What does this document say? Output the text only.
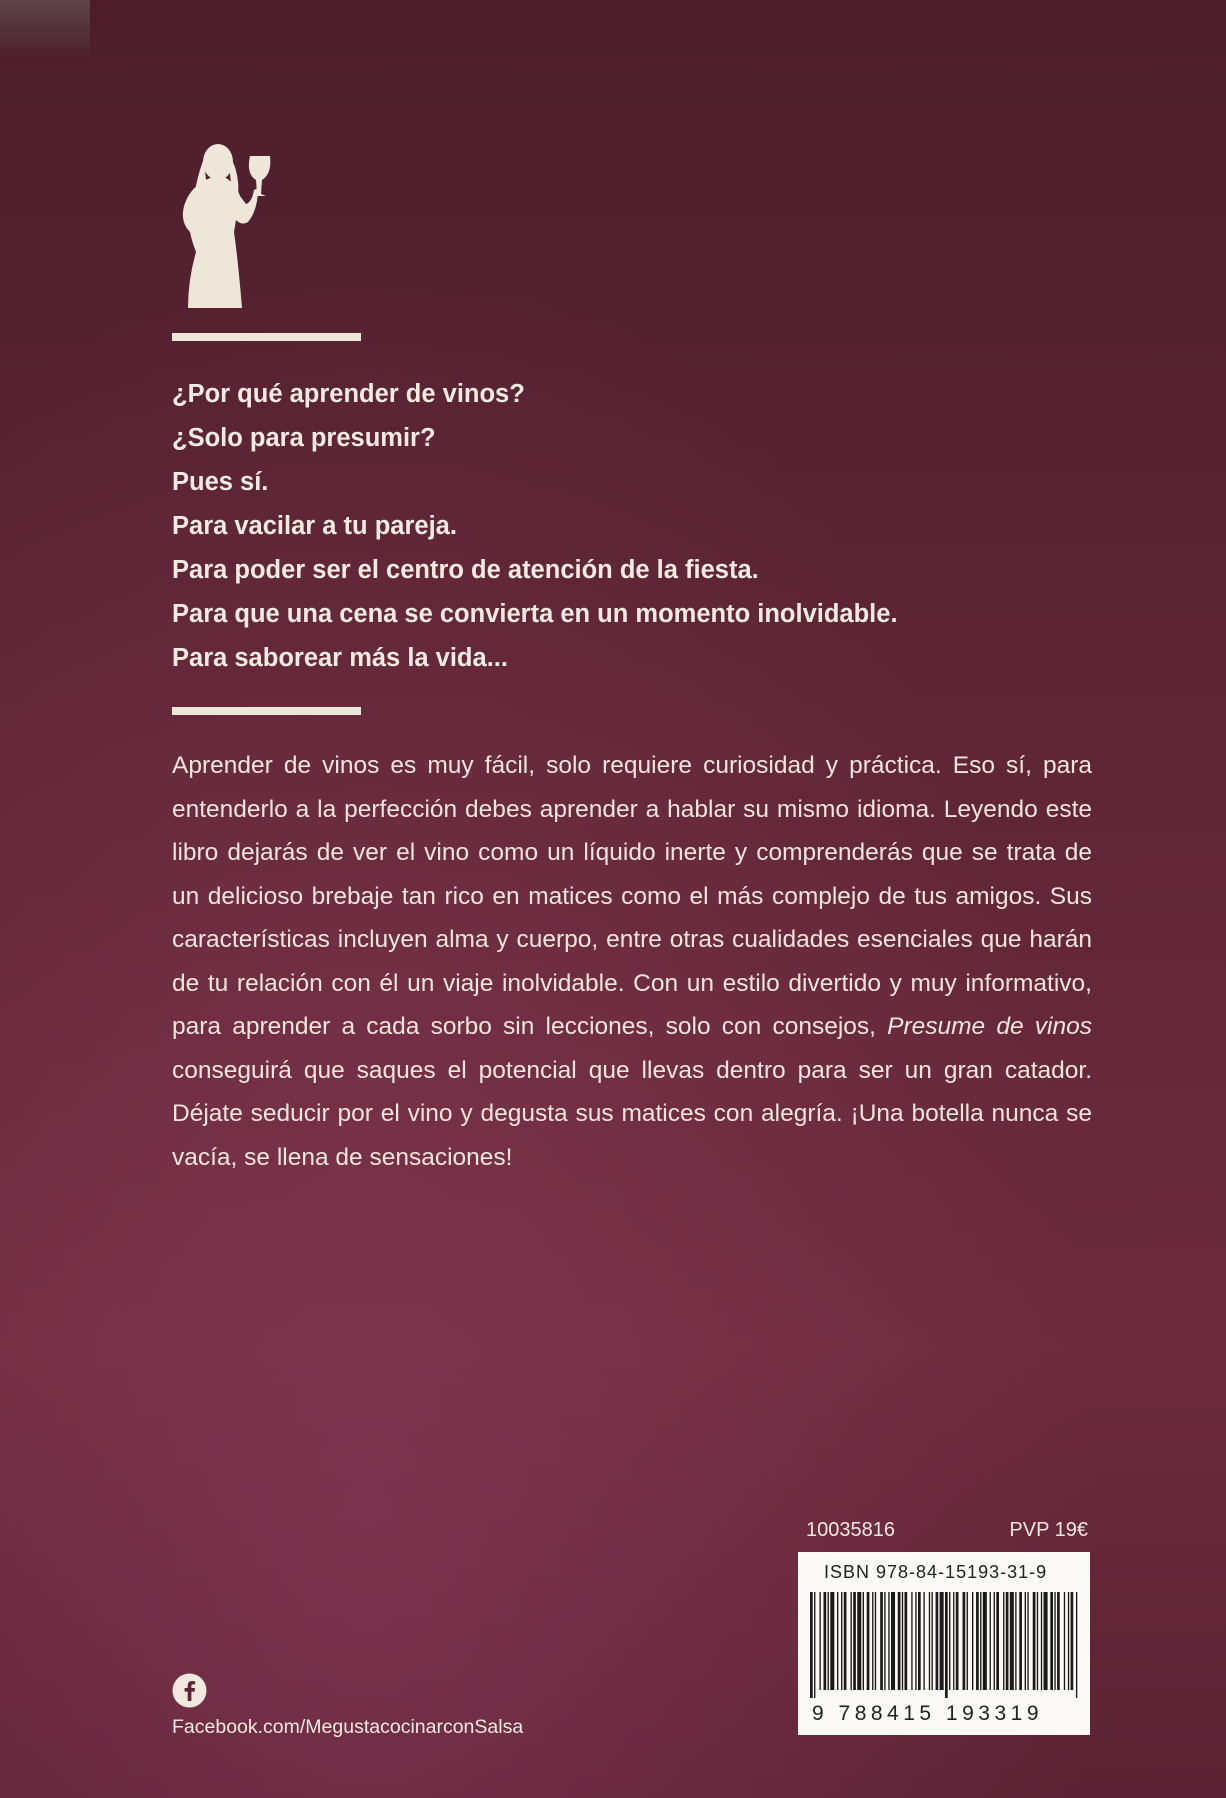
¿Por qué aprender de vinos?
¿Solo para presumir?
Pues sí.
Para vacilar a tu pareja.
Para poder ser el centro de atención de la fiesta.
Para que una cena se convierta en un momento inolvidable.
Para saborear más la vida...

Aprender de vinos es muy fácil, solo requiere curiosidad y práctica. Eso sí, para entenderlo a la perfección debes aprender a hablar su mismo idioma. Leyendo este libro dejarás de ver el vino como un líquido inerte y comprenderás que se trata de un delicioso brebaje tan rico en matices como el más complejo de tus amigos. Sus características incluyen alma y cuerpo, entre otras cualidades esenciales que harán de tu relación con él un viaje inolvidable. Con un estilo divertido y muy informativo, para aprender a cada sorbo sin lecciones, solo con consejos, Presume de vinos conseguirá que saques el potencial que llevas dentro para ser un gran catador. Déjate seducir por el vino y degusta sus matices con alegría. ¡Una botella nunca se vacía, se llena de sensaciones!

10035816	PVP 19€
ISBN 978-84-15193-31-9
9 788415 193319
Facebook.com/MegustacocinarconSalsa
